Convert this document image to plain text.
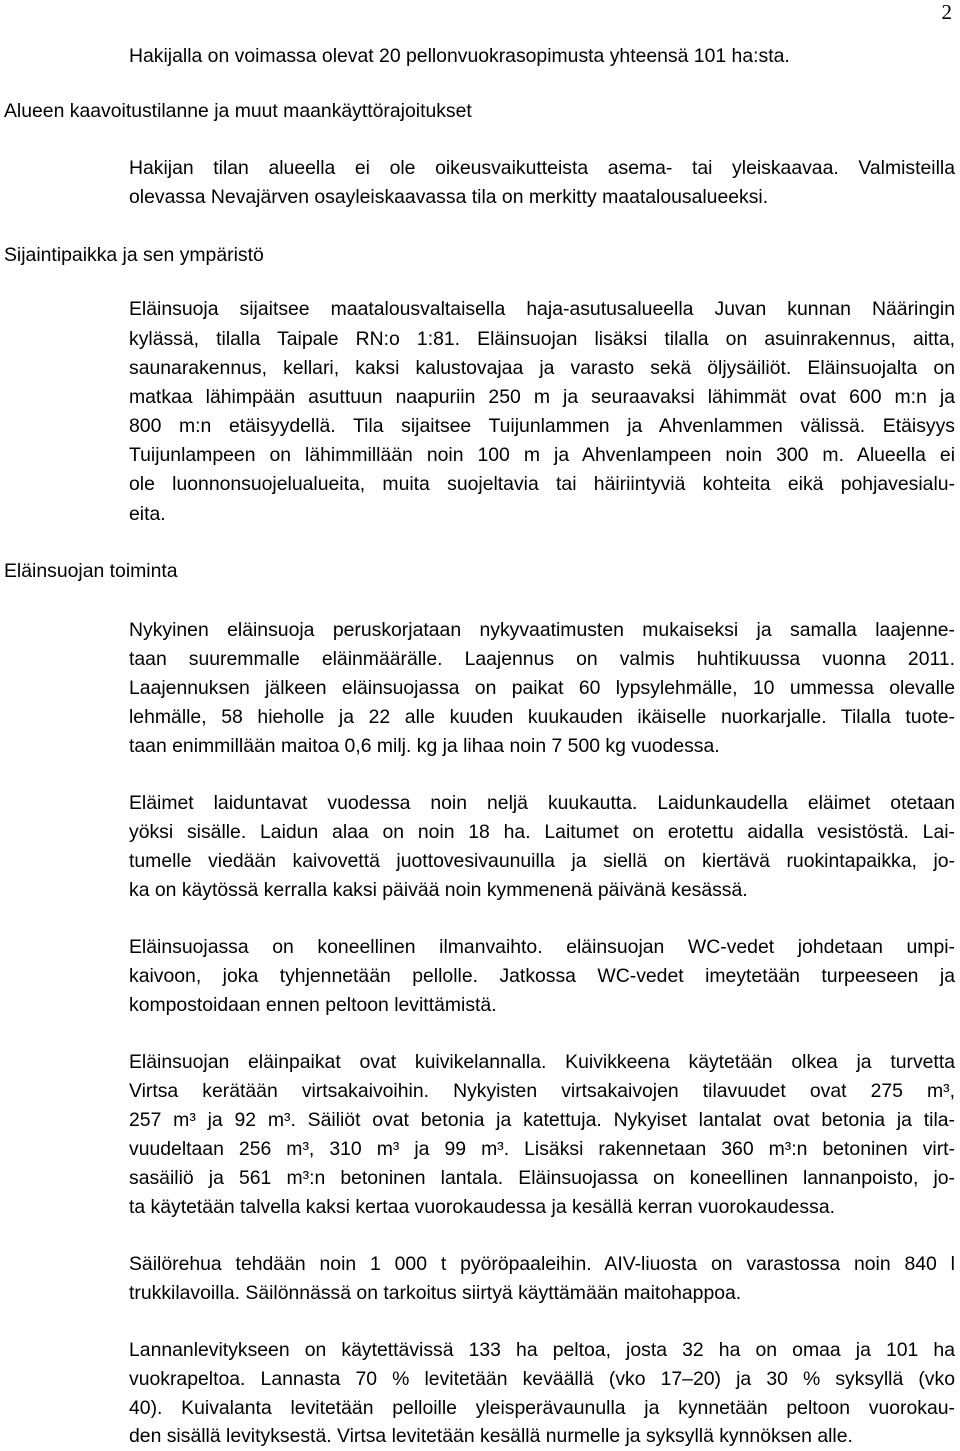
2
Hakijalla on voimassa olevat 20 pellonvuokrasopimusta yhteensä 101 ha:sta.
Alueen kaavoitustilanne ja muut maankäyttörajoitukset
Hakijan tilan alueella ei ole oikeusvaikutteista asema- tai yleiskaavaa. Valmisteilla
olevassa Nevajärven osayleiskaavassa tila on merkitty maatalousalueeksi.
Sijaintipaikka ja sen ympäristö
Eläinsuoja sijaitsee maatalousvaltaisella haja-asutusalueella Juvan kunnan Nääringin
kylässä, tilalla Taipale RN:o 1:81. Eläinsuojan lisäksi tilalla on asuinrakennus, aitta,
saunarakennus, kellari, kaksi kalustovajaa ja varasto sekä öljysäiliöt. Eläinsuojalta on
matkaa lähimpään asuttuun naapuriin 250 m ja seuraavaksi lähimmät ovat 600 m:n ja
800 m:n etäisyydellä. Tila sijaitsee Tuijunlammen ja Ahvenlammen välissä. Etäisyys
Tuijunlampeen on lähimmillään noin 100 m ja Ahvenlampeen noin 300 m. Alueella ei
ole luonnonsuojelualueita, muita suojeltavia tai häiriintyviä kohteita eikä pohjavesialu-
eita.
Eläinsuojan toiminta
Nykyinen eläinsuoja peruskorjataan nykyvaatimusten mukaiseksi ja samalla laajenne-
taan suuremmalle eläinmäärälle. Laajennus on valmis huhtikuussa vuonna 2011.
Laajennuksen jälkeen eläinsuojassa on paikat 60 lypsylehmälle, 10 ummessa olevalle
lehmälle, 58 hieholle ja 22 alle kuuden kuukauden ikäiselle nuorkarjalle. Tilalla tuote-
taan enimmillään maitoa 0,6 milj. kg ja lihaa noin 7 500 kg vuodessa.
Eläimet laiduntavat vuodessa noin neljä kuukautta. Laidunkaudella eläimet otetaan
yöksi sisälle. Laidun alaa on noin 18 ha. Laitumet on erotettu aidalla vesistöstä. Lai-
tumelle viedään kaivovettä juottovesivaunuilla ja siellä on kiertävä ruokintapaikka, jo-
ka on käytössä kerralla kaksi päivää noin kymmenenä päivänä kesässä.
Eläinsuojassa on koneellinen ilmanvaihto. eläinsuojan WC-vedet johdetaan umpi-
kaivoon, joka tyhjennetään pellolle. Jatkossa WC-vedet imeytetään turpeeseen ja
kompostoidaan ennen peltoon levittämistä.
Eläinsuojan eläinpaikat ovat kuivikelannalla. Kuivikkeena käytetään olkea ja turvetta
Virtsa kerätään virtsakaivoihin. Nykyisten virtsakaivojen tilavuudet ovat 275 m³,
257 m³ ja 92 m³. Säiliöt ovat betonia ja katettuja. Nykyiset lantalat ovat betonia ja tila-
vuudeltaan 256 m³, 310 m³ ja 99 m³. Lisäksi rakennetaan 360 m³:n betoninen virt-
sasäiliö ja 561 m³:n betoninen lantala. Eläinsuojassa on koneellinen lannanpoisto, jo-
ta käytetään talvella kaksi kertaa vuorokaudessa ja kesällä kerran vuorokaudessa.
Säilörehua tehdään noin 1 000 t pyöröpaaleihin. AIV-liuosta on varastossa noin 840 l
trukkilavoilla. Säilönnässä on tarkoitus siirtyä käyttämään maitohappoa.
Lannanlevitykseen on käytettävissä 133 ha peltoa, josta 32 ha on omaa ja 101 ha
vuokrapeltoa. Lannasta 70 % levitetään keväällä (vko 17–20) ja 30 % syksyllä (vko
40). Kuivalanta levitetään pelloille yleisperävaunulla ja kynnetään peltoon vuorokau-
den sisällä levityksestä. Virtsa levitetään kesällä nurmelle ja syksyllä kynnöksen alle.
